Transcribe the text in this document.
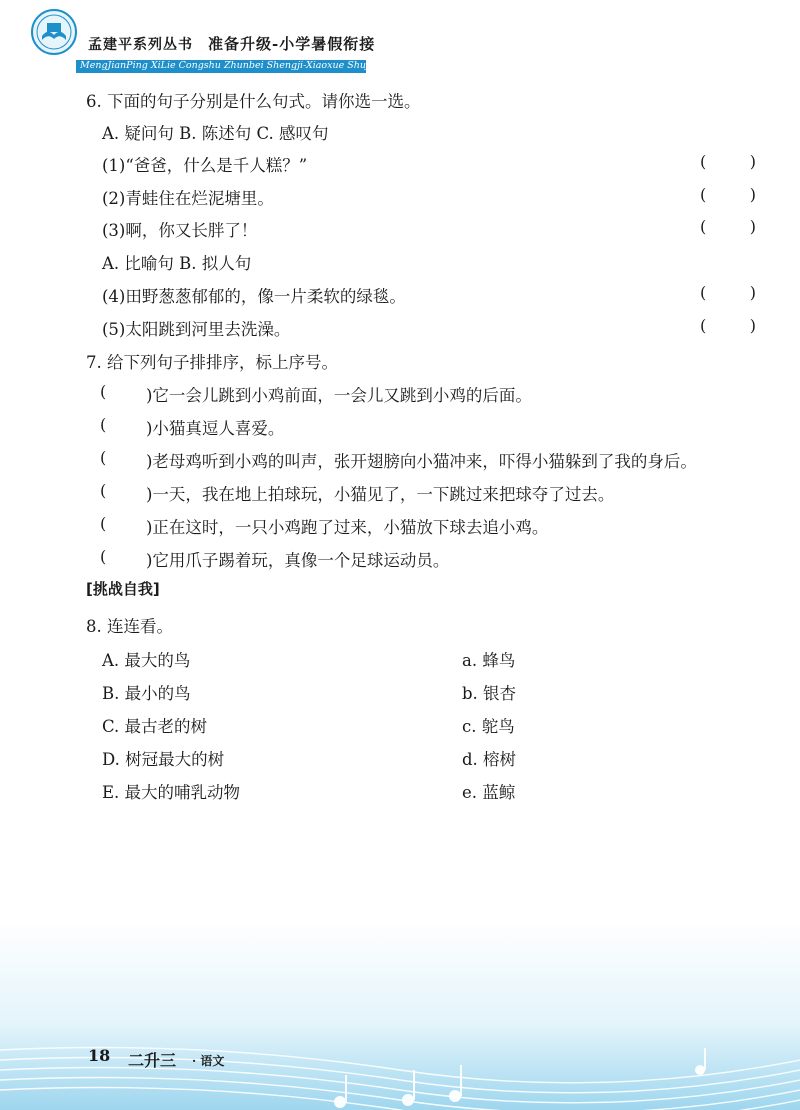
孟建平系列丛书 准备升级-小学暑假衔接
MengJianPing XiLie Congshu Zhunbei Shengji-Xiaoxue Shujia Xianjie
6. 下面的句子分别是什么句式。请你选一选。
A. 疑问句 B. 陈述句 C. 感叹句
(1)“爸爸，什么是千人糕？”	(	)
(2)青蛙住在烂泥塘里。	(	)
(3)啊，你又长胖了！	(	)
A. 比喻句 B. 拟人句
(4)田野葱葱郁郁的，像一片柔软的绿毯。	(	)
(5)太阳跳到河里去洗澡。	(	)
7. 给下列句子排排序，标上序号。
( )它一会儿跳到小鸡前面，一会儿又跳到小鸡的后面。
( )小猫真逗人喜爱。
( )老母鸡听到小鸡的叫声，张开翅膀向小猫冲来，吓得小猫躲到了我的身后。
( )一天，我在地上拍球玩，小猫见了，一下跳过来把球夺了过去。
( )正在这时，一只小鸡跑了过来，小猫放下球去追小鸡。
( )它用爪子踢着玩，真像一个足球运动员。
[挑战自我]
8. 连连看。
A. 最大的鸟	a. 蜂鸟
B. 最小的鸟	b. 银杏
C. 最古老的树	c. 鸵鸟
D. 树冠最大的树	d. 榕树
E. 最大的哺乳动物	e. 蓝鲸
18 二升三 · 语文
